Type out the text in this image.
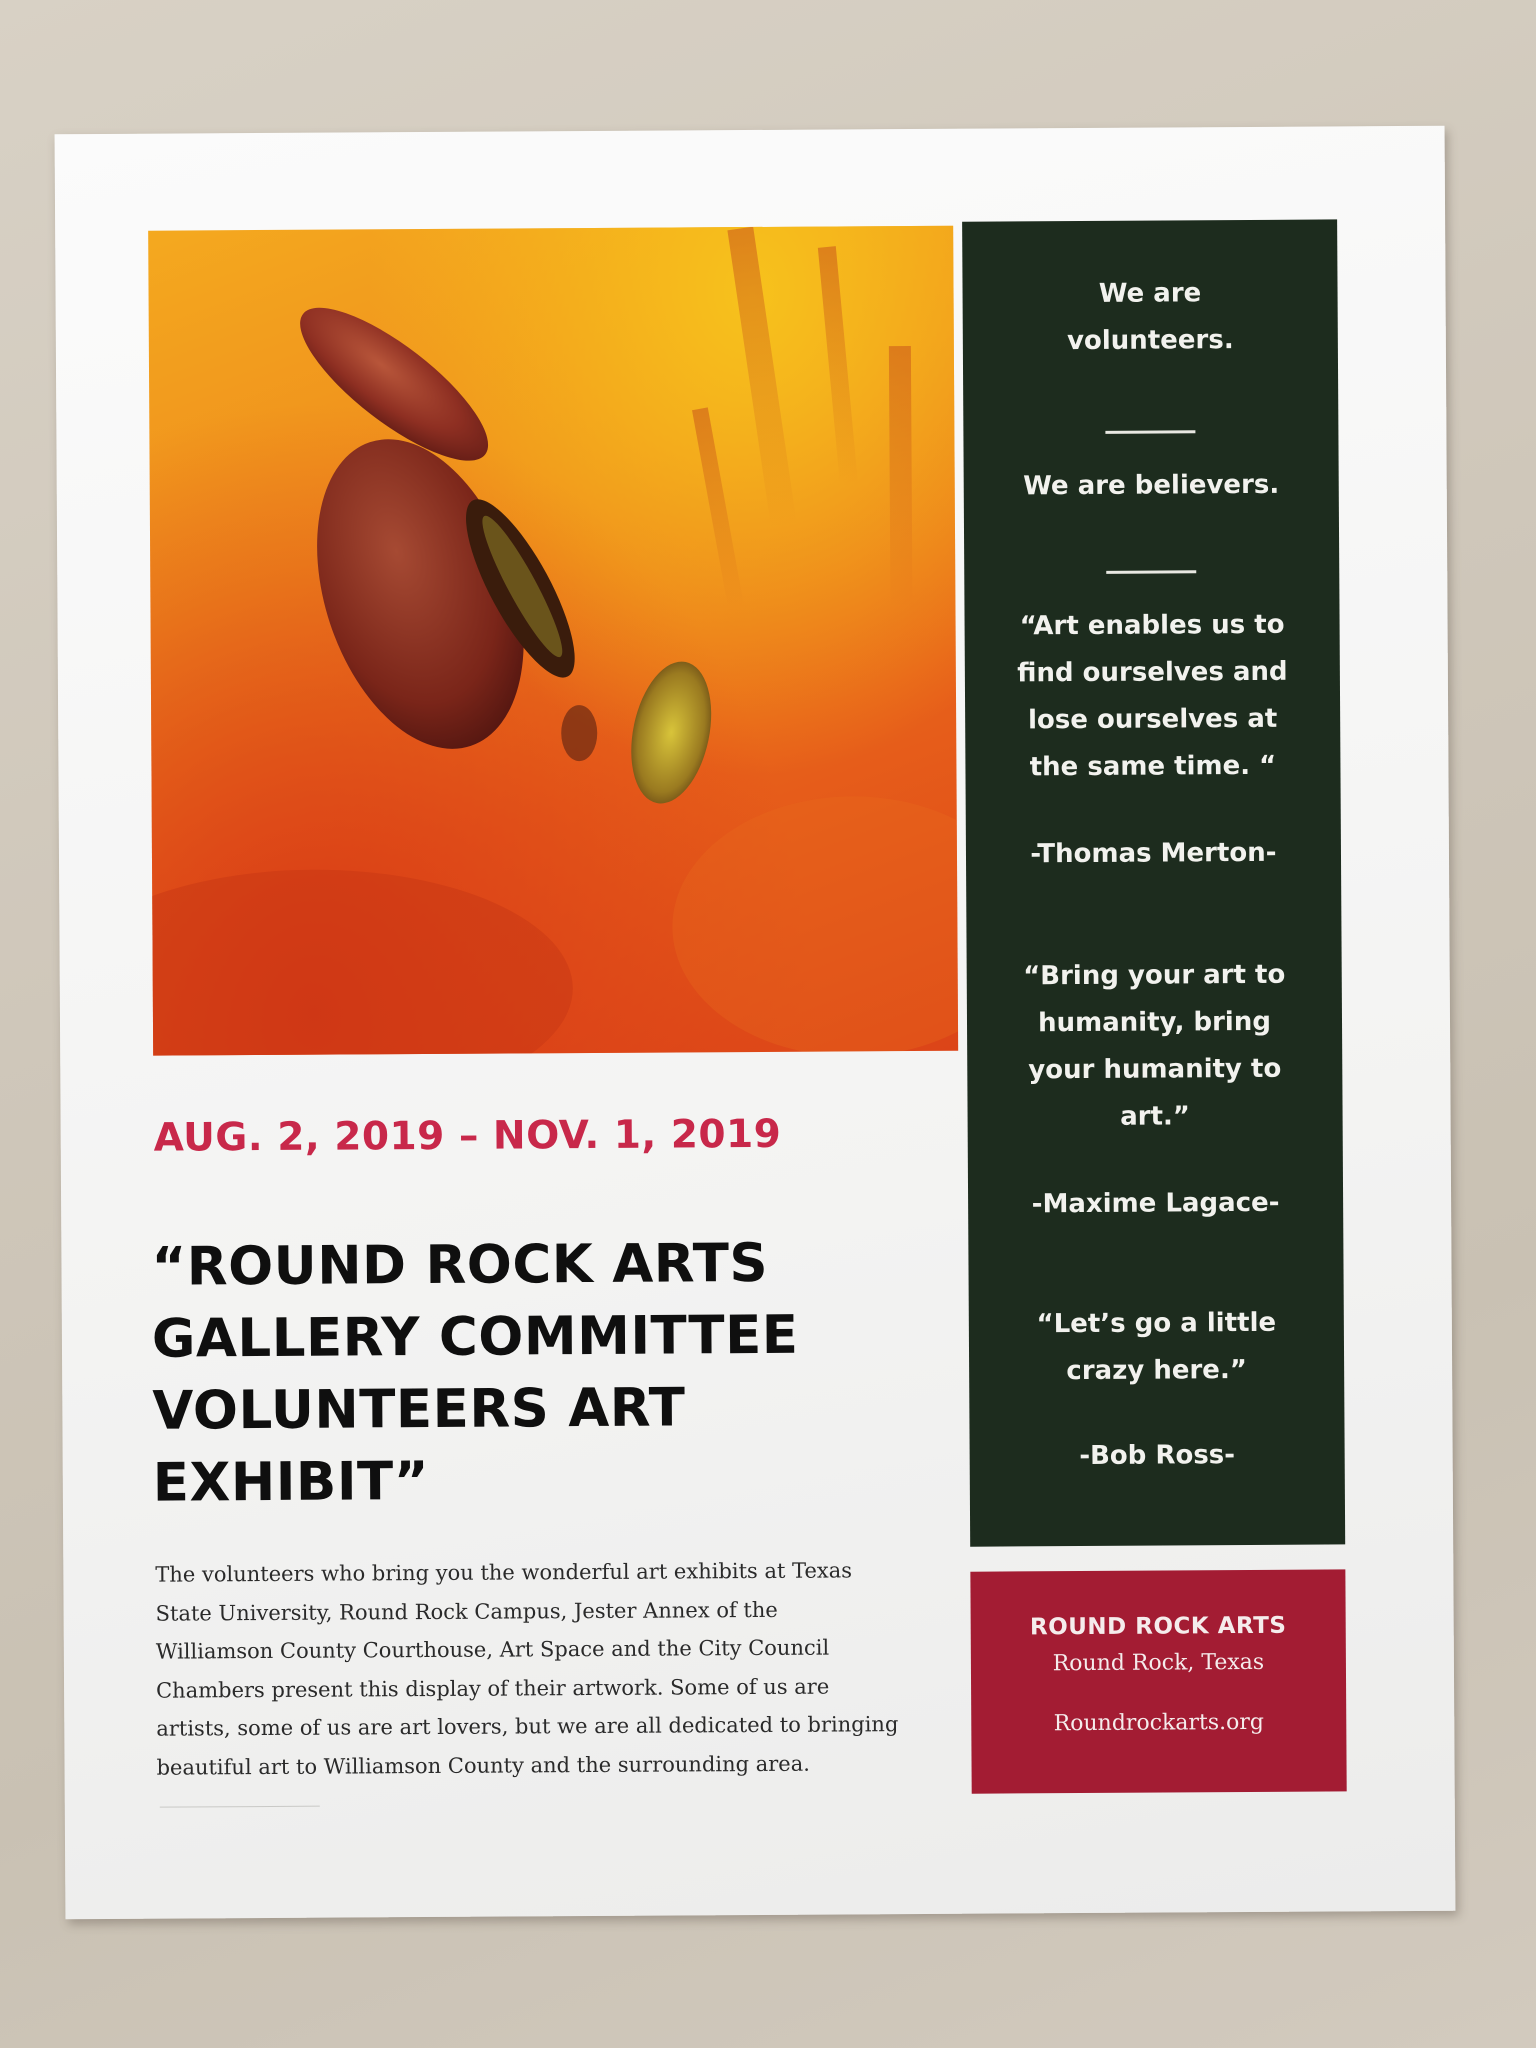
We are
volunteers.
We are believers.
“Art enables us to
find ourselves and
lose ourselves at
the same time. “
-Thomas Merton-
“Bring your art to
humanity, bring
your humanity to
art.”
-Maxime Lagace-
“Let’s go a little
crazy here.”
-Bob Ross-
ROUND ROCK ARTS
Round Rock, Texas
Roundrockarts.org
AUG. 2, 2019 – NOV. 1, 2019
“ROUND ROCK ARTS
GALLERY COMMITTEE
VOLUNTEERS ART
EXHIBIT”
The volunteers who bring you the wonderful art exhibits at Texas
State University, Round Rock Campus, Jester Annex of the
Williamson County Courthouse, Art Space and the City Council
Chambers present this display of their artwork. Some of us are
artists, some of us are art lovers, but we are all dedicated to bringing
beautiful art to Williamson County and the surrounding area.
